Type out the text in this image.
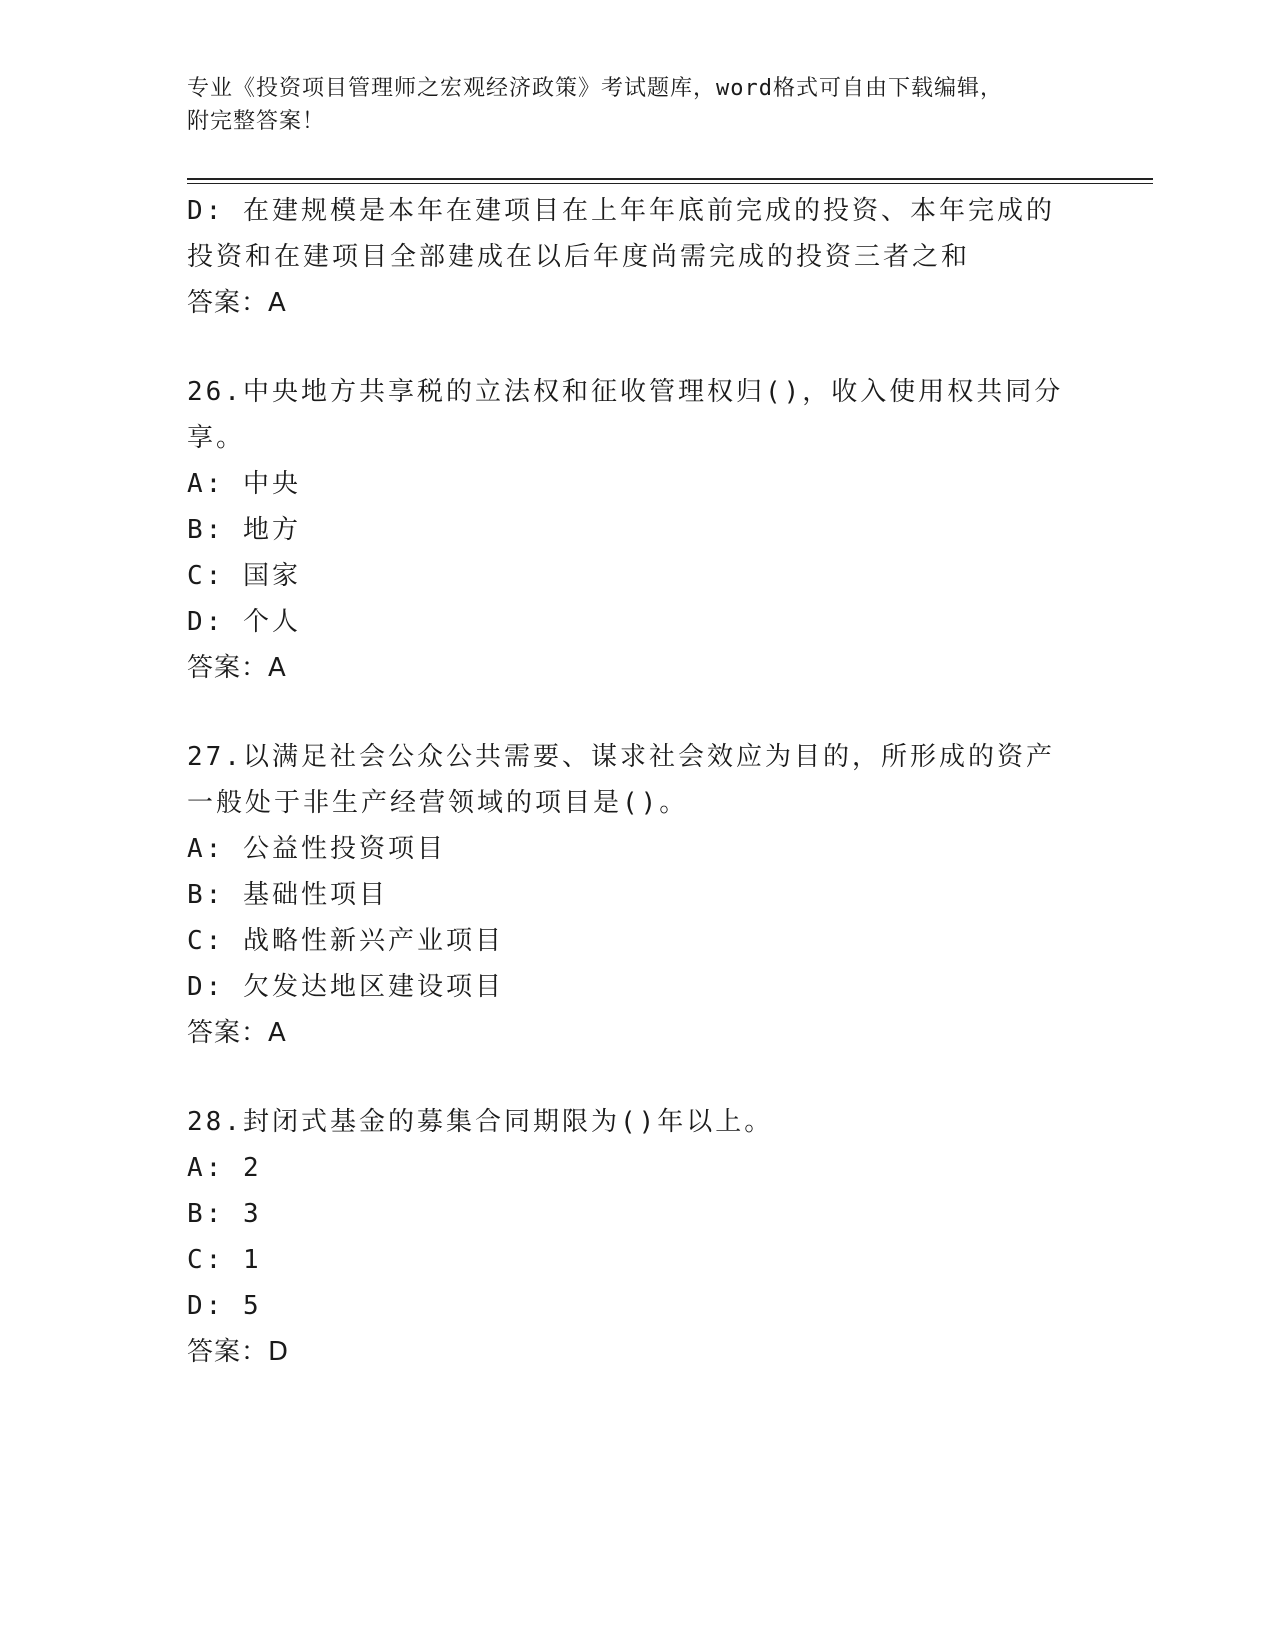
专业《投资项目管理师之宏观经济政策》考试题库，word格式可自由下载编辑，
附完整答案！
D: 在建规模是本年在建项目在上年年底前完成的投资、本年完成的投资和在建项目全部建成在以后年度尚需完成的投资三者之和
答案：A
26.中央地方共享税的立法权和征收管理权归()，收入使用权共同分享。
A: 中央
B: 地方
C: 国家
D: 个人
答案：A
27.以满足社会公众公共需要、谋求社会效应为目的，所形成的资产一般处于非生产经营领域的项目是()。
A: 公益性投资项目
B: 基础性项目
C: 战略性新兴产业项目
D: 欠发达地区建设项目
答案：A
28.封闭式基金的募集合同期限为()年以上。
A: 2
B: 3
C: 1
D: 5
答案：D
